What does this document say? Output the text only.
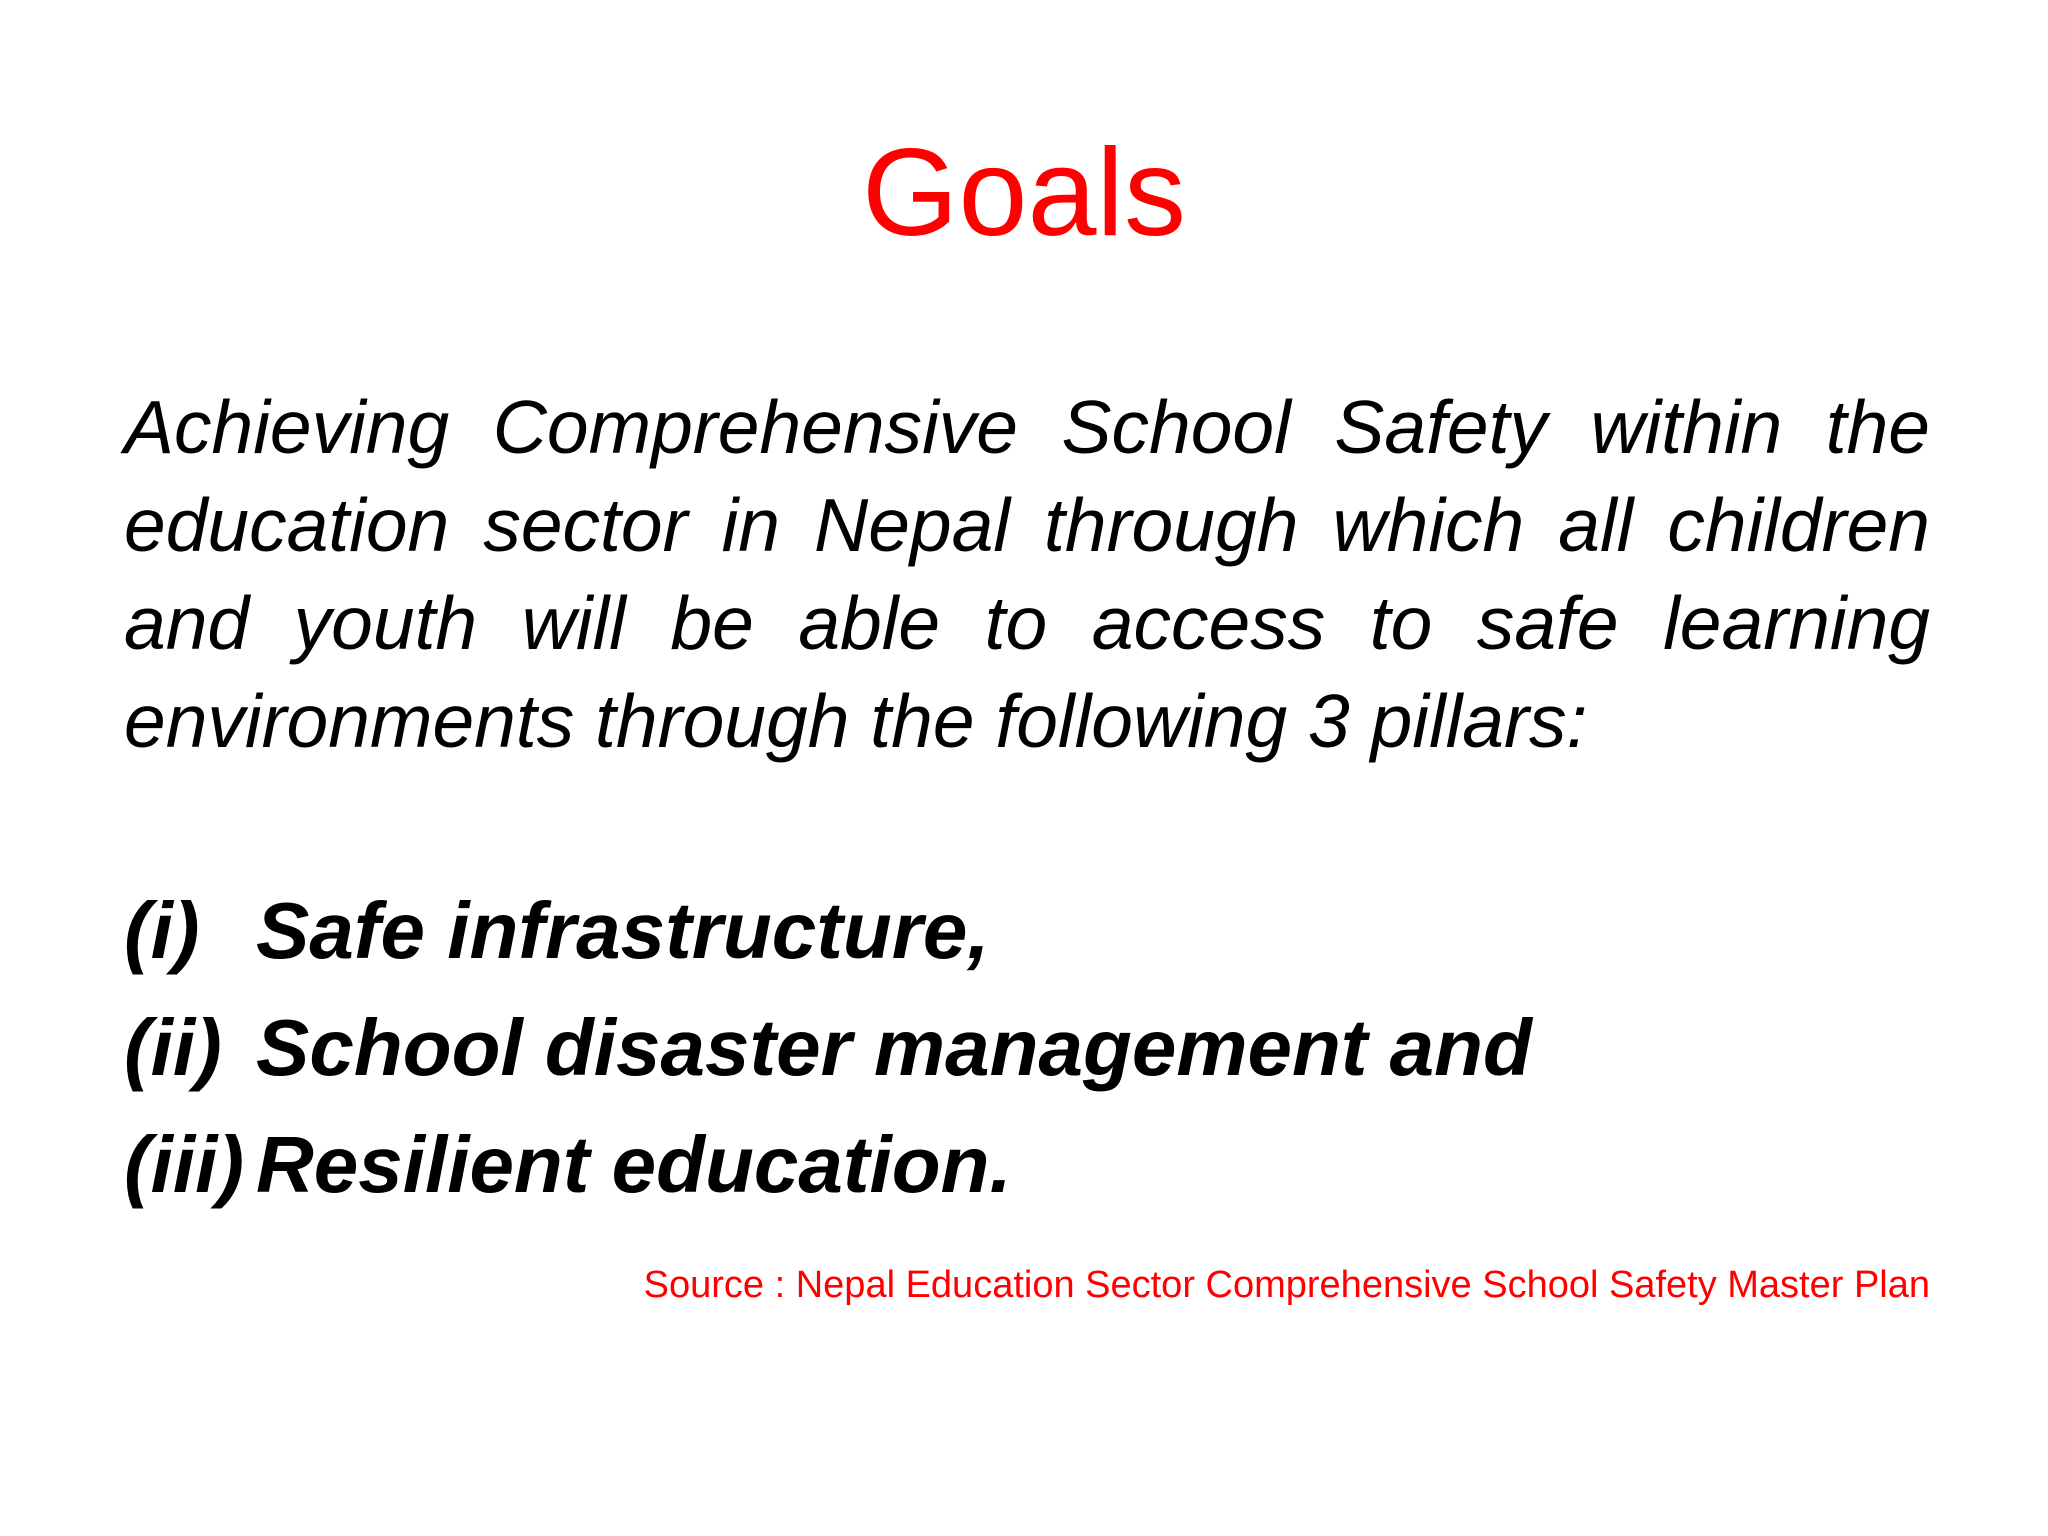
Goals

Achieving Comprehensive School Safety within the education sector in Nepal through which all children and youth will be able to access to safe learning environments through the following 3 pillars:

(i) Safe infrastructure,
(ii) School disaster management and
(iii) Resilient education.

Source : Nepal Education Sector Comprehensive School Safety Master Plan
